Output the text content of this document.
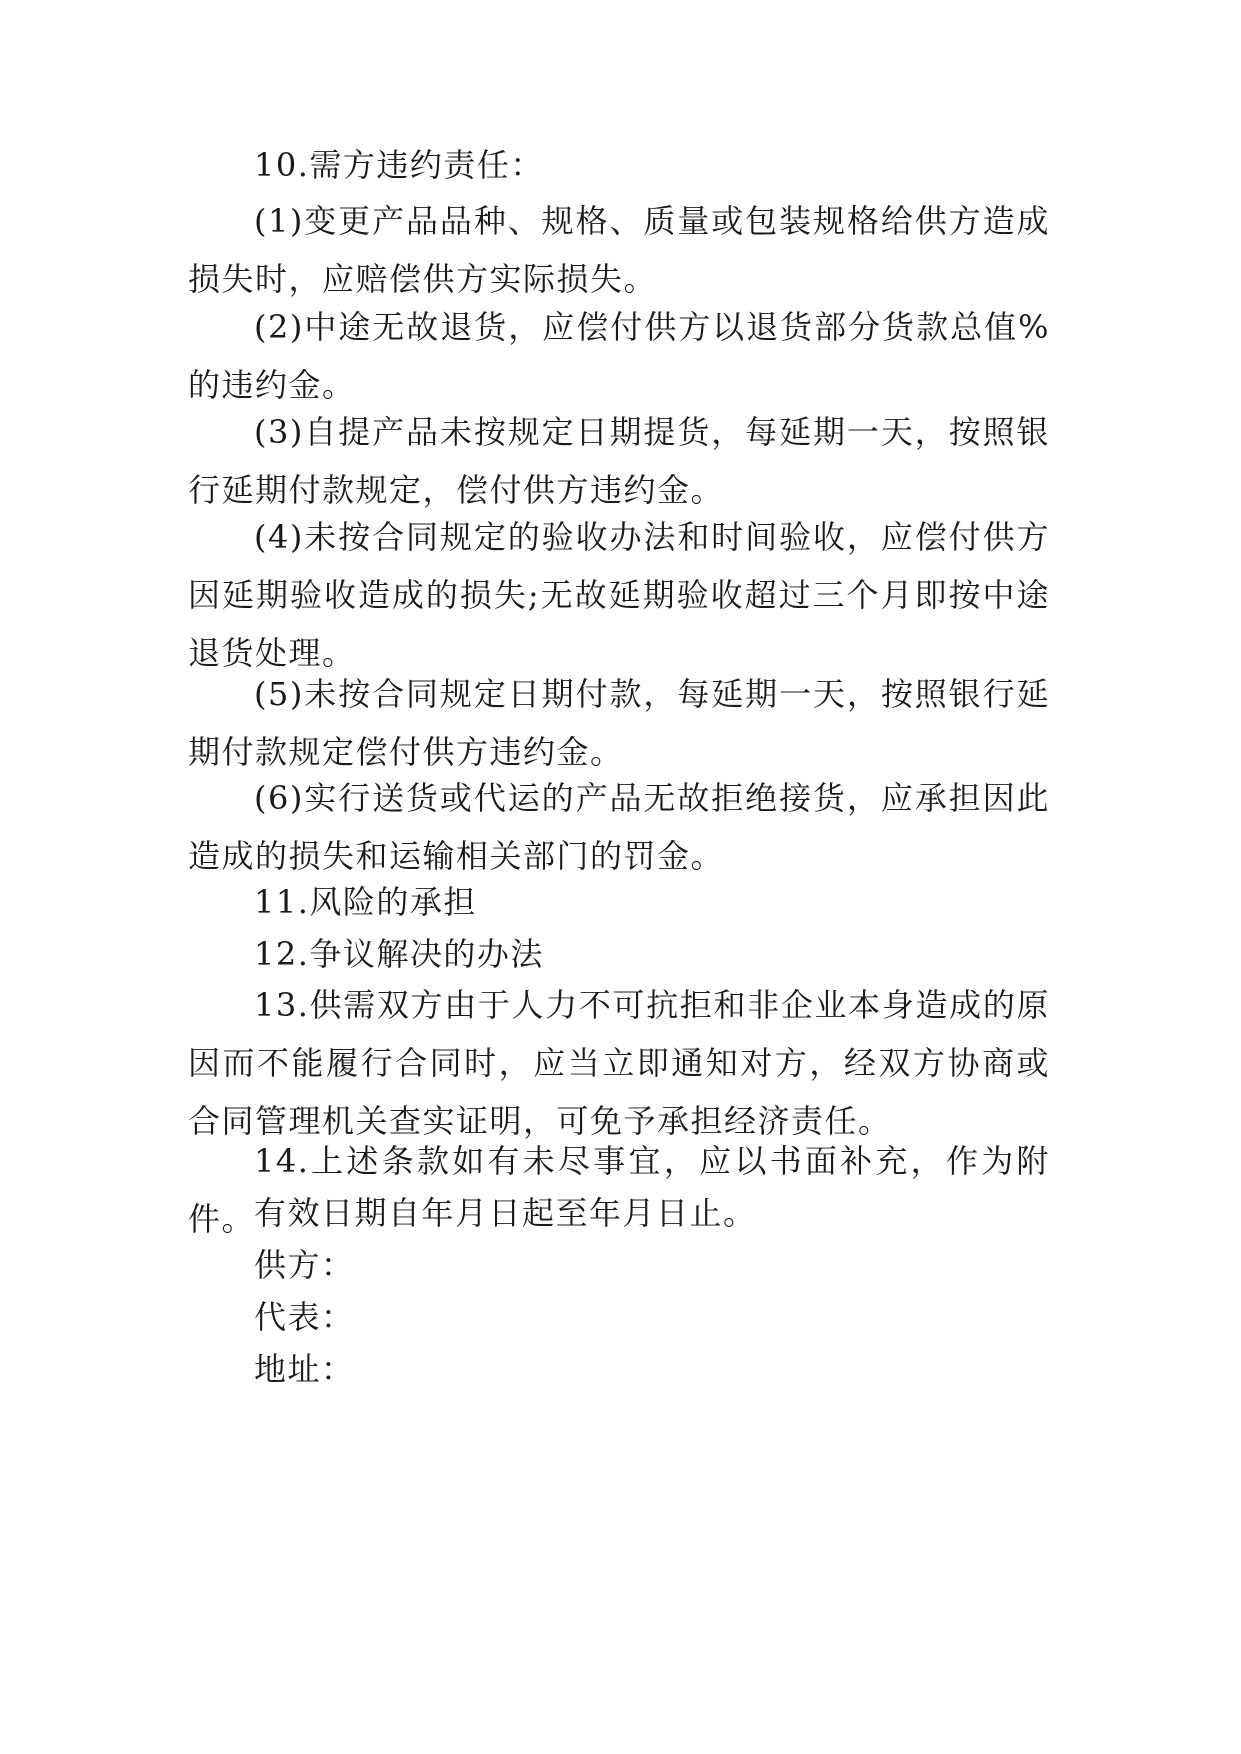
10.需方违约责任：

(1)变更产品品种、规格、质量或包装规格给供方造成损失时，应赔偿供方实际损失。

(2)中途无故退货，应偿付供方以退货部分货款总值%的违约金。

(3)自提产品未按规定日期提货，每延期一天，按照银行延期付款规定，偿付供方违约金。

(4)未按合同规定的验收办法和时间验收，应偿付供方因延期验收造成的损失;无故延期验收超过三个月即按中途退货处理。

(5)未按合同规定日期付款，每延期一天，按照银行延期付款规定偿付供方违约金。

(6)实行送货或代运的产品无故拒绝接货，应承担因此造成的损失和运输相关部门的罚金。

11.风险的承担

12.争议解决的办法

13.供需双方由于人力不可抗拒和非企业本身造成的原因而不能履行合同时，应当立即通知对方，经双方协商或合同管理机关查实证明，可免予承担经济责任。

14.上述条款如有未尽事宜，应以书面补充，作为附件。

有效日期自年月日起至年月日止。

供方：

代表：

地址：
